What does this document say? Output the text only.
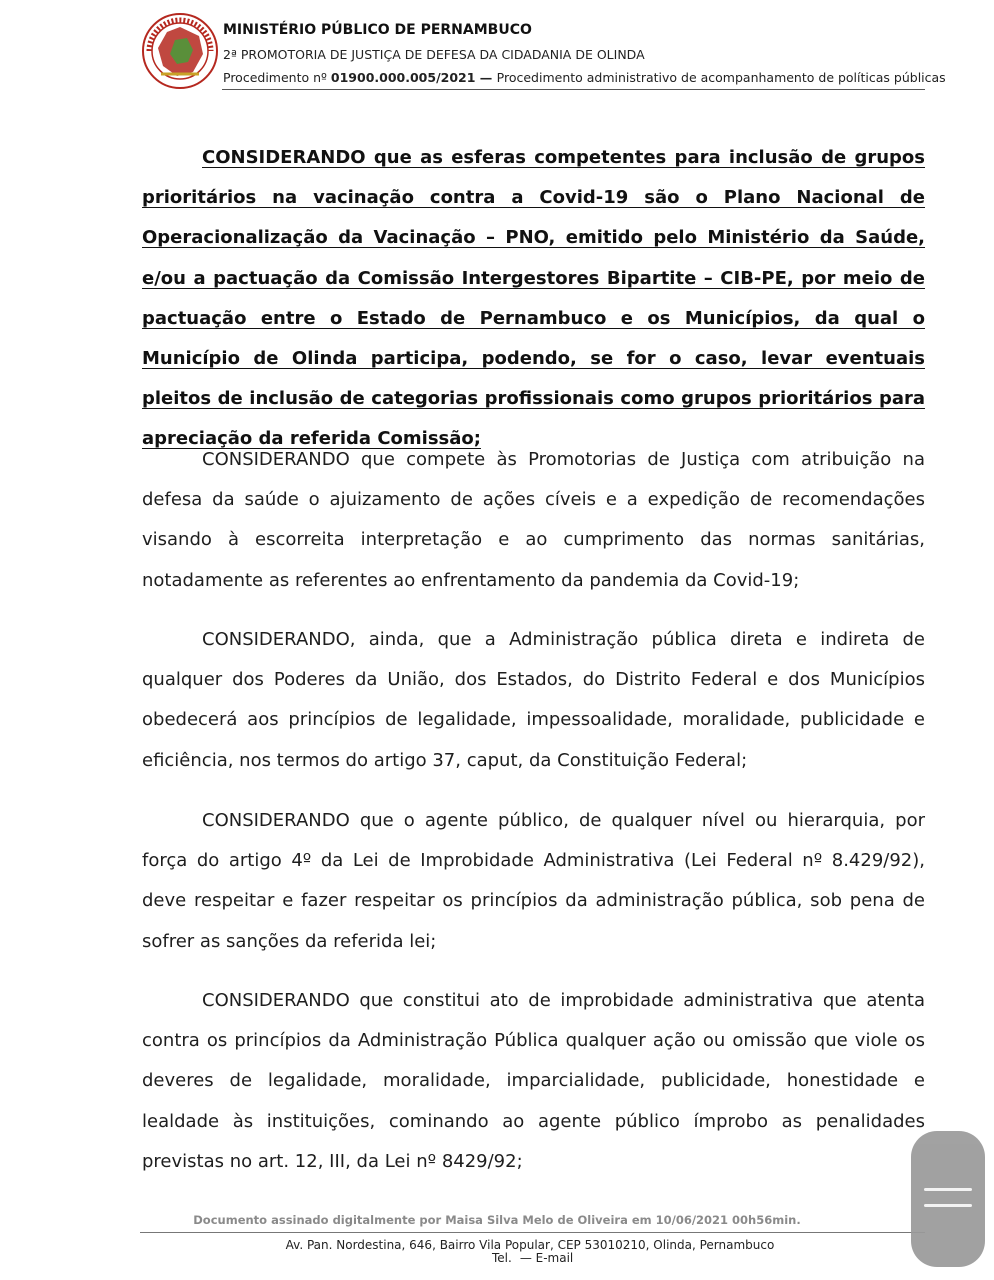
MINISTÉRIO PÚBLICO DE PERNAMBUCO
2ª PROMOTORIA DE JUSTIÇA DE DEFESA DA CIDADANIA DE OLINDA
Procedimento nº 01900.000.005/2021 — Procedimento administrativo de acompanhamento de políticas públicas

CONSIDERANDO que as esferas competentes para inclusão de grupos prioritários na vacinação contra a Covid-19 são o Plano Nacional de Operacionalização da Vacinação – PNO, emitido pelo Ministério da Saúde, e/ou a pactuação da Comissão Intergestores Bipartite – CIB-PE, por meio de pactuação entre o Estado de Pernambuco e os Municípios, da qual o Município de Olinda participa, podendo, se for o caso, levar eventuais pleitos de inclusão de categorias profissionais como grupos prioritários para apreciação da referida Comissão;

CONSIDERANDO que compete às Promotorias de Justiça com atribuição na defesa da saúde o ajuizamento de ações cíveis e a expedição de recomendações visando à escorreita interpretação e ao cumprimento das normas sanitárias, notadamente as referentes ao enfrentamento da pandemia da Covid-19;

CONSIDERANDO, ainda, que a Administração pública direta e indireta de qualquer dos Poderes da União, dos Estados, do Distrito Federal e dos Municípios obedecerá aos princípios de legalidade, impessoalidade, moralidade, publicidade e eficiência, nos termos do artigo 37, caput, da Constituição Federal;

CONSIDERANDO que o agente público, de qualquer nível ou hierarquia, por força do artigo 4º da Lei de Improbidade Administrativa (Lei Federal nº 8.429/92), deve respeitar e fazer respeitar os princípios da administração pública, sob pena de sofrer as sanções da referida lei;

CONSIDERANDO que constitui ato de improbidade administrativa que atenta contra os princípios da Administração Pública qualquer ação ou omissão que viole os deveres de legalidade, moralidade, imparcialidade, publicidade, honestidade e lealdade às instituições, cominando ao agente público ímprobo as penalidades previstas no art. 12, III, da Lei nº 8429/92;

Documento assinado digitalmente por Maisa Silva Melo de Oliveira em 10/06/2021 00h56min.
Av. Pan. Nordestina, 646, Bairro Vila Popular, CEP 53010210, Olinda, Pernambuco
Tel. — E-mail
